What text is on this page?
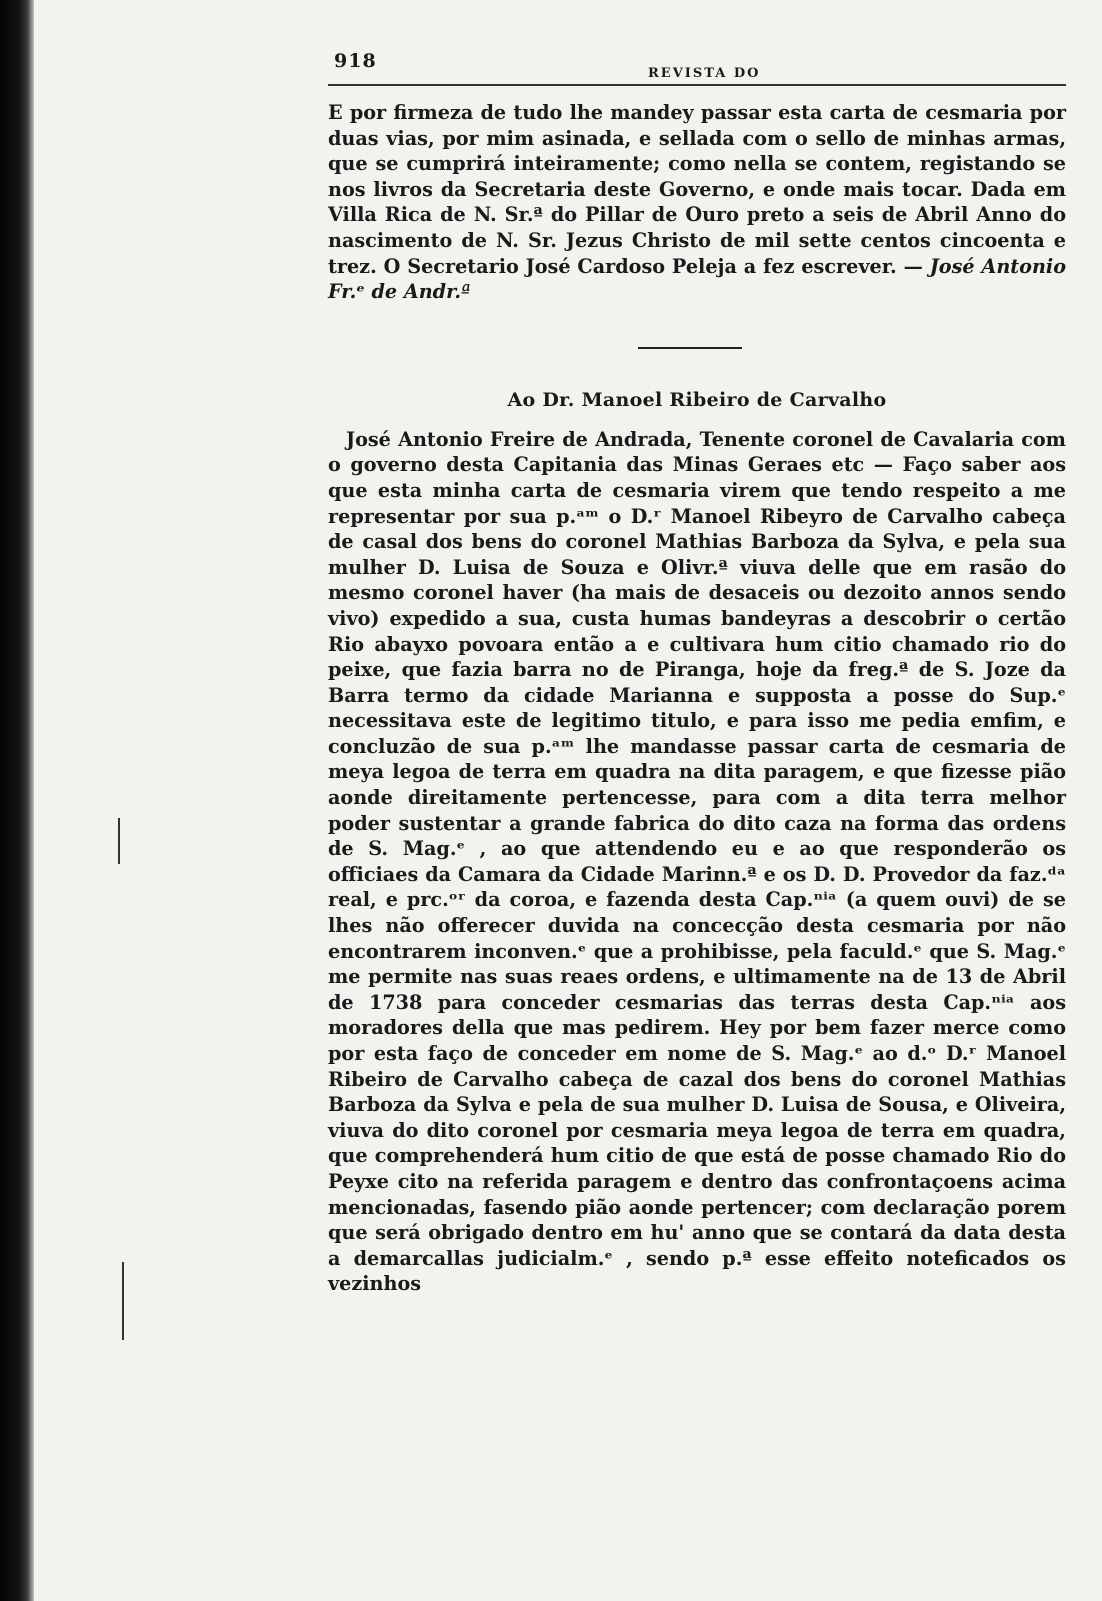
918
REVISTA DO

E por firmeza de tudo lhe mandey passar esta carta de cesmaria por duas vias, por mim asinada, e sellada com o sello de minhas armas, que se cumprirá inteiramente; como nella se contem, registando se nos livros da Secretaria deste Governo, e onde mais tocar. Dada em Villa Rica de N. Sr.ª do Pillar de Ouro preto a seis de Abril Anno do nascimento de N. Sr. Jezus Christo de mil sette centos cincoenta e trez. O Secretario José Cardoso Peleja a fez escrever. — José Antonio Fr.ᵉ de Andr.ª

Ao Dr. Manoel Ribeiro de Carvalho

José Antonio Freire de Andrada, Tenente coronel de Cavalaria com o governo desta Capitania das Minas Geraes etc — Faço saber aos que esta minha carta de cesmaria virem que tendo respeito a me representar por sua p.ᵃᵐ o D.ʳ Manoel Ribeyro de Carvalho cabeça de casal dos bens do coronel Mathias Barboza da Sylva, e pela sua mulher D. Luisa de Souza e Olivr.ª viuva delle que em rasão do mesmo coronel haver (ha mais de desaceis ou dezoito annos sendo vivo) expedido a sua, custa humas bandeyras a descobrir o certão Rio abayxo povoara então a e cultivara hum citio chamado rio do peixe, que fazia barra no de Piranga, hoje da freg.ª de S. Joze da Barra termo da cidade Marianna e supposta a posse do Sup.ᵉ necessitava este de legitimo titulo, e para isso me pedia emfim, e concluzão de sua p.ᵃᵐ lhe mandasse passar carta de cesmaria de meya legoa de terra em quadra na dita paragem, e que fizesse pião aonde direitamente pertencesse, para com a dita terra melhor poder sustentar a grande fabrica do dito caza na forma das ordens de S. Mag.ᵉ , ao que attendendo eu e ao que responderão os officiaes da Camara da Cidade Marinn.ª e os D. D. Provedor da faz.ᵈᵃ real, e prc.ᵒʳ da coroa, e fazenda desta Cap.ⁿⁱᵃ (a quem ouvi) de se lhes não offerecer duvida na concecção desta cesmaria por não encontrarem inconven.ᵉ que a prohibisse, pela faculd.ᵉ que S. Mag.ᵉ me permite nas suas reaes ordens, e ultimamente na de 13 de Abril de 1738 para conceder cesmarias das terras desta Cap.ⁿⁱᵃ aos moradores della que mas pedirem. Hey por bem fazer merce como por esta faço de conceder em nome de S. Mag.ᵉ ao d.ᵒ D.ʳ Manoel Ribeiro de Carvalho cabeça de cazal dos bens do coronel Mathias Barboza da Sylva e pela de sua mulher D. Luisa de Sousa, e Oliveira, viuva do dito coronel por cesmaria meya legoa de terra em quadra, que comprehenderá hum citio de que está de posse chamado Rio do Peyxe cito na referida paragem e dentro das confrontaçoens acima mencionadas, fasendo pião aonde pertencer; com declaração porem que será obrigado dentro em hu' anno que se contará da data desta a demarcallas judicialm.ᵉ , sendo p.ª esse effeito noteficados os vezinhos
